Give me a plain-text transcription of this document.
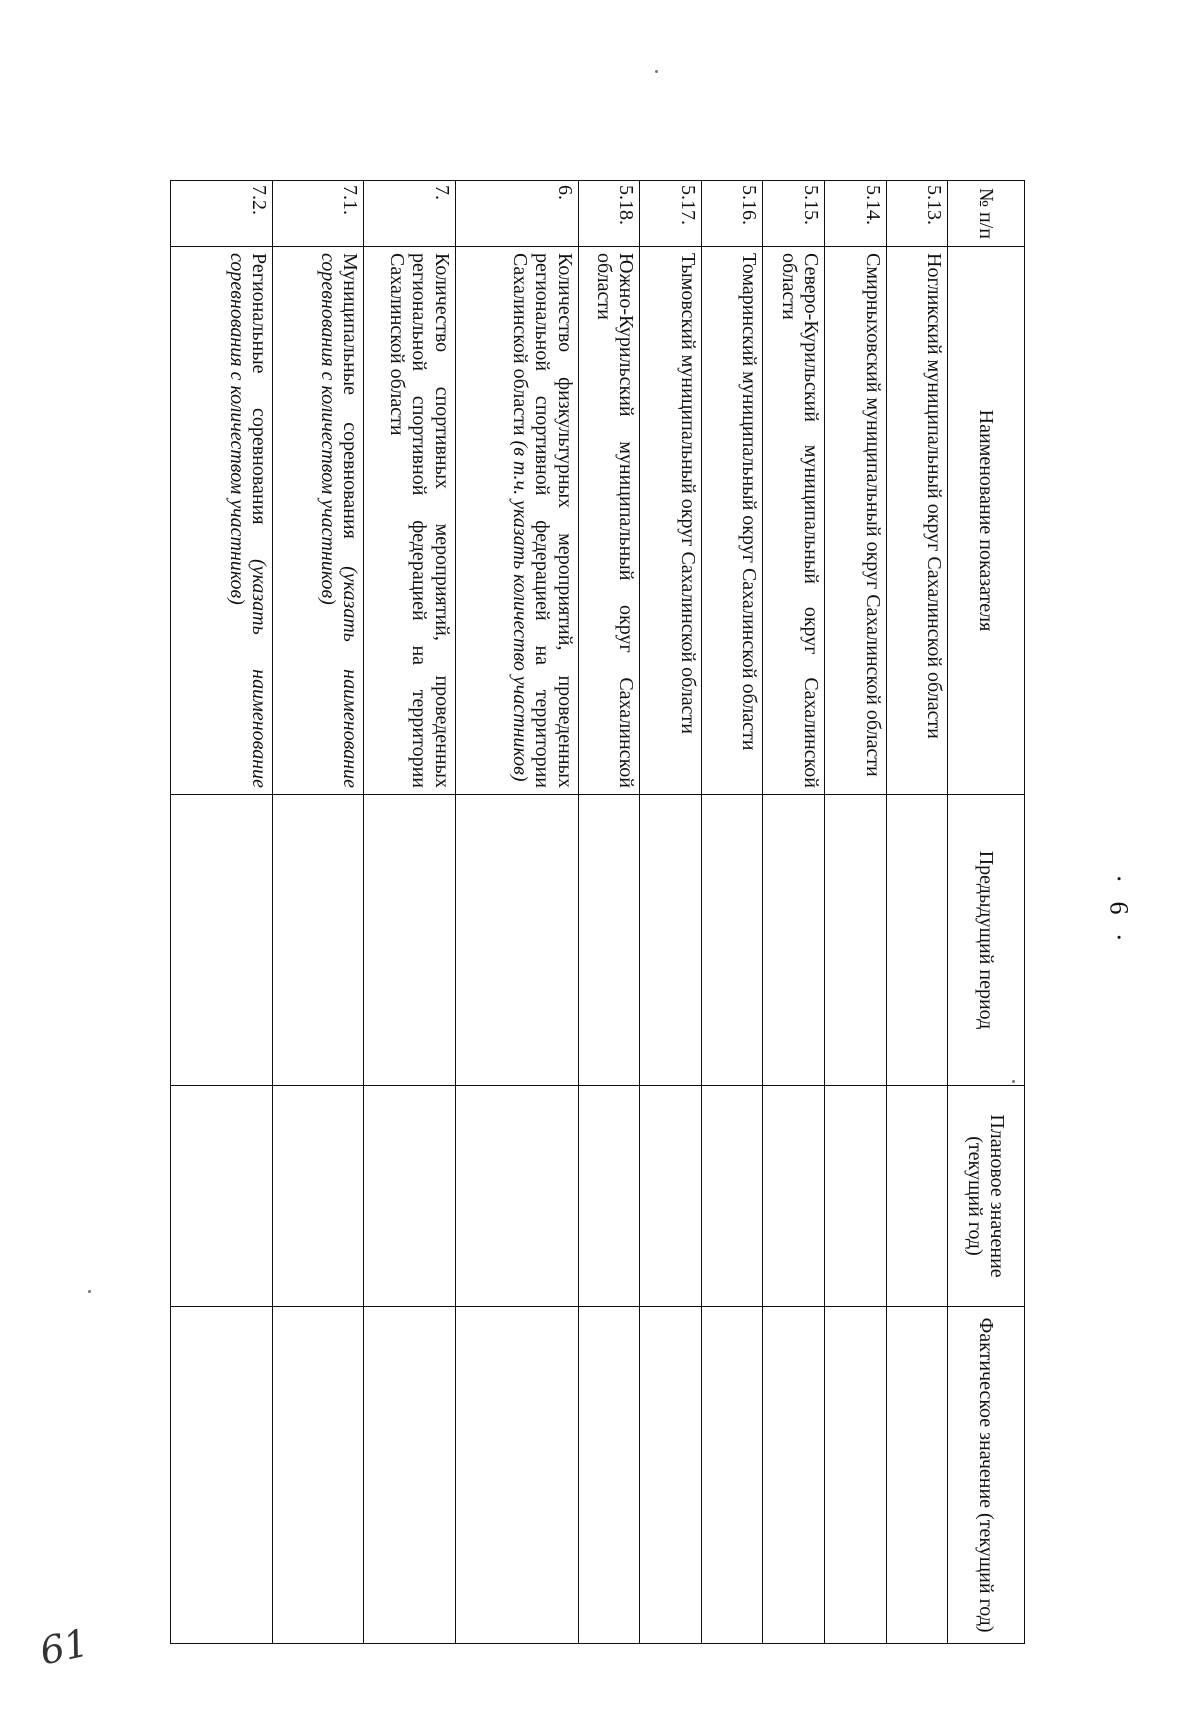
· 6 ·
61
№ п/п	Наименование показателя	Предыдущий период	Плановое значение (текущий год)	Фактическое значение (текущий год)
5.13.	Ногликский муниципальный округ Сахалинской области			
5.14.	Смирныховский муниципальный округ Сахалинской области			
5.15.	Северо-Курильский муниципальный округ Сахалинской области			
5.16.	Томаринский муниципальный округ Сахалинской области			
5.17.	Тымовский муниципальный округ Сахалинской области			
5.18.	Южно-Курильский муниципальный округ Сахалинской области			
6.	Количество физкультурных мероприятий, проведенных региональной спортивной федерацией на территории Сахалинской области (в т.ч. указать количество участников)			
7.	Количество спортивных мероприятий, проведенных региональной спортивной федерацией на территории Сахалинской области			
7.1.	Муниципальные соревнования (указать наименование соревнования с количеством участников)			
7.2.	Региональные соревнования (указать наименование соревнования с количеством участников)			
